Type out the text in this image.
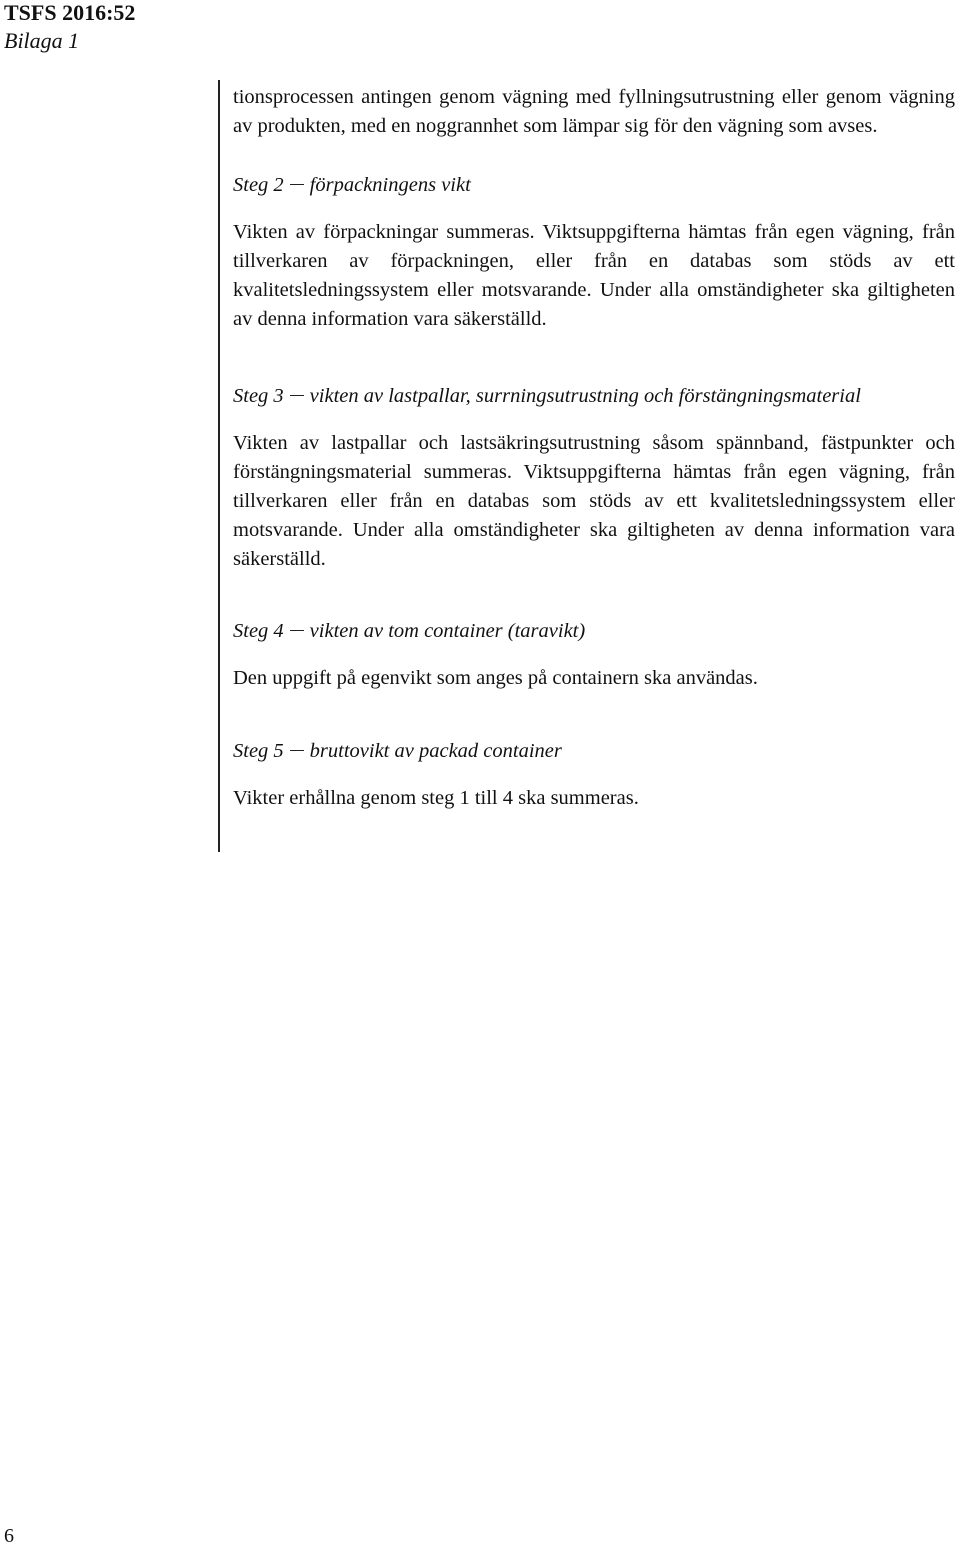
TSFS 2016:52
Bilaga 1

tionsprocessen antingen genom vägning med fyllningsutrustning eller genom vägning av produkten, med en noggrannhet som lämpar sig för den vägning som avses.

Steg 2 förpackningens vikt

Vikten av förpackningar summeras. Viktsuppgifterna hämtas från egen vägning, från tillverkaren av förpackningen, eller från en databas som stöds av ett kvalitetsledningssystem eller motsvarande. Under alla omständigheter ska giltigheten av denna information vara säkerställd.

Steg 3 vikten av lastpallar, surrningsutrustning och förstängningsmaterial

Vikten av lastpallar och lastsäkringsutrustning såsom spännband, fästpunkter och förstängningsmaterial summeras. Viktsuppgifterna hämtas från egen vägning, från tillverkaren eller från en databas som stöds av ett kvalitetsledningssystem eller motsvarande. Under alla omständigheter ska giltigheten av denna information vara säkerställd.

Steg 4 vikten av tom container (taravikt)

Den uppgift på egenvikt som anges på containern ska användas.

Steg 5 bruttovikt av packad container

Vikter erhållna genom steg 1 till 4 ska summeras.

6
